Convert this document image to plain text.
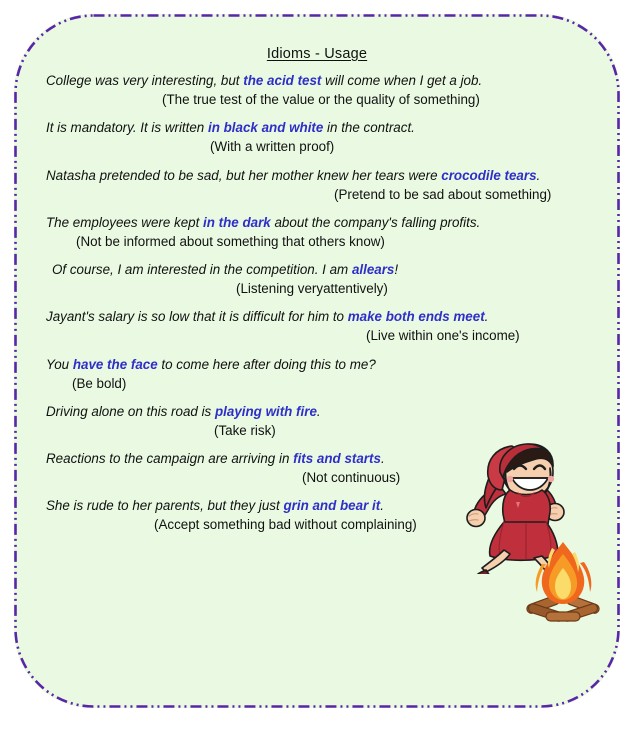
Idioms - Usage
College was very interesting, but the acid test will come when I get a job.
(The true test of the value or the quality of something)
It is mandatory. It is written in black and white in the contract.
(With a written proof)
Natasha pretended to be sad, but her mother knew her tears were crocodile tears.
(Pretend to be sad about something)
The employees were kept in the dark about the company's falling profits.
(Not be informed about something that others know)
Of course, I am interested in the competition. I am allears!
(Listening veryattentively)
Jayant's salary is so low that it is difficult for him to make both ends meet.
(Live within one's income)
You have the face to come here after doing this to me?
(Be bold)
Driving alone on this road is playing with fire.
(Take risk)
Reactions to the campaign are arriving in fits and starts.
(Not continuous)
She is rude to her parents, but they just grin and bear it.
(Accept something bad without complaining)
